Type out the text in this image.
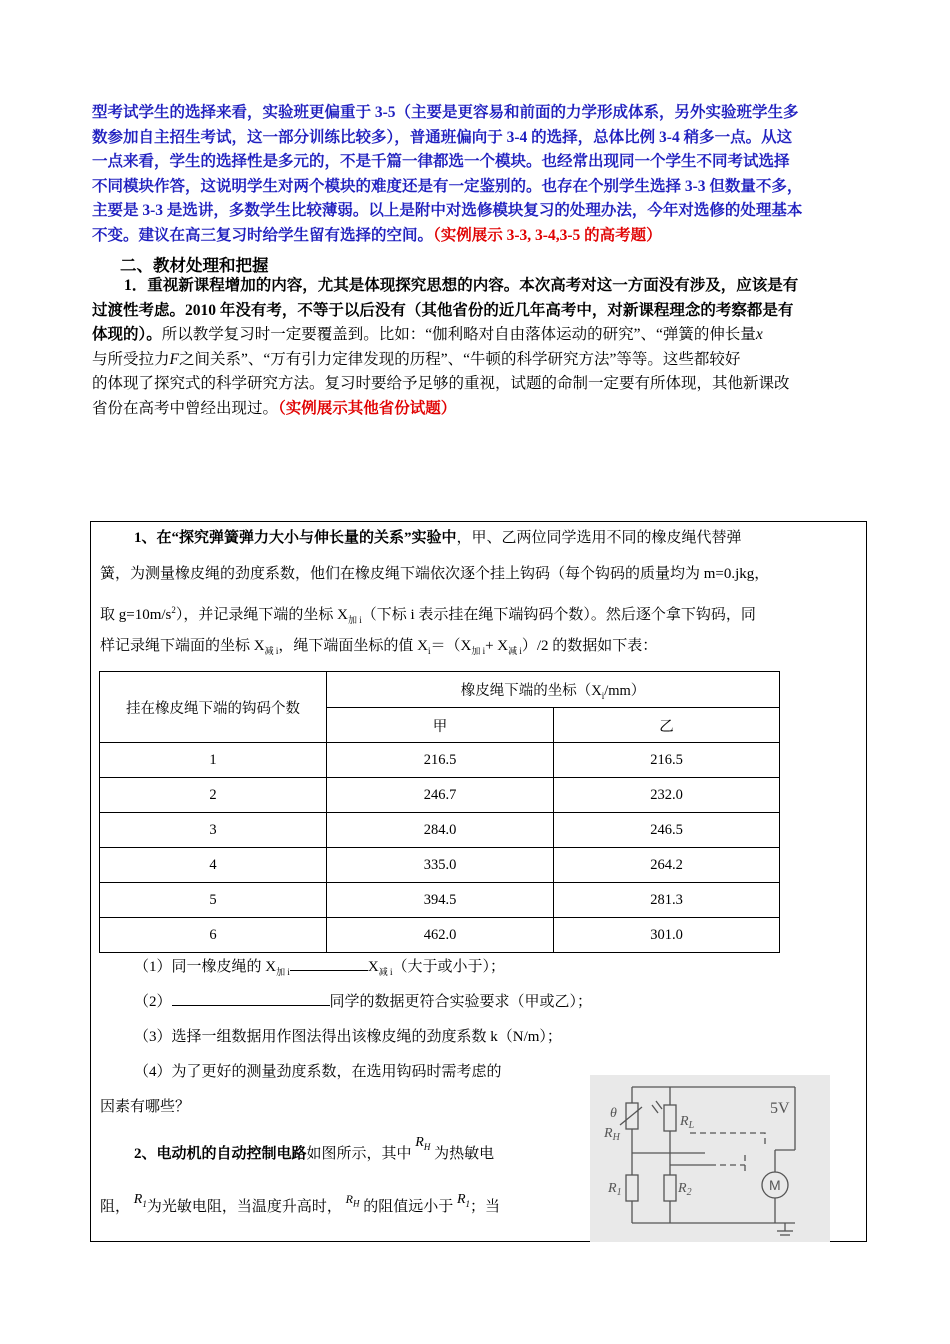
型考试学生的选择来看，实验班更偏重于 3-5（主要是更容易和前面的力学形成体系，另外实验班学生多
数参加自主招生考试，这一部分训练比较多），普通班偏向于 3-4 的选择，总体比例 3-4 稍多一点。从这
一点来看，学生的选择性是多元的，不是千篇一律都选一个模块。也经常出现同一个学生不同考试选择
不同模块作答，这说明学生对两个模块的难度还是有一定鉴别的。也存在个别学生选择 3-3 但数量不多，
主要是 3-3 是选讲，多数学生比较薄弱。以上是附中对选修模块复习的处理办法，今年对选修的处理基本
不变。建议在高三复习时给学生留有选择的空间。（实例展示 3-3, 3-4,3-5 的高考题）
二、教材处理和把握
1．重视新课程增加的内容，尤其是体现探究思想的内容。本次高考对这一方面没有涉及，应该是有
过渡性考虑。2010 年没有考，不等于以后没有（其他省份的近几年高考中，对新课程理念的考察都是有
体现的）。所以教学复习时一定要覆盖到。比如：“伽利略对自由落体运动的研究”、“弹簧的伸长量x
与所受拉力F之间关系”、“万有引力定律发现的历程”、“牛顿的科学研究方法”等等。这些都较好
的体现了探究式的科学研究方法。复习时要给予足够的重视，试题的命制一定要有所体现，其他新课改
省份在高考中曾经出现过。（实例展示其他省份试题）
1、在“探究弹簧弹力大小与伸长量的关系”实验中，甲、乙两位同学选用不同的橡皮绳代替弹
簧，为测量橡皮绳的劲度系数，他们在橡皮绳下端依次逐个挂上钩码（每个钩码的质量均为 m=0.jkg，
取 $g=10m/s^2$），并记录绳下端的坐标 $X_{加 i}$（下标 i 表示挂在绳下端钩码个数）。然后逐个拿下钩码，同
样记录绳下端面的坐标 $X_{减 i}$，绳下端面坐标的值 $X_i=(X_{加 i}+ X_{减 i})/2$ 的数据如下表：
挂在橡皮绳下端的钩码个数	橡皮绳下端的坐标$(X_i/mm)$	
	甲	乙
1	216.5	216.5
2	246.7	232.0
3	284.0	246.5
4	335.0	264.2
5	394.5	281.3
6	462.0	301.0
（1）同一橡皮绳的 $X_{加 i}$	$X_{减 i}$（大于或小于）；
（2）	同学的数据更符合实验要求（甲或乙）；
（3）选择一组数据用作图法得出该橡皮绳的劲度系数 k（N/m）；
（4）为了更好的测量劲度系数，在选用钩码时需考虑的
因素有哪些？
2、电动机的自动控制电路如图所示，其中 $R_H$ 为热敏电
阻， $R_1$为光敏电阻，当温度升高时， $^{R_H}$ 的阻值远小于 $R_1$；当
5V
θ
$R_H$
$R_L$
$R_1$	$R_2$	M
